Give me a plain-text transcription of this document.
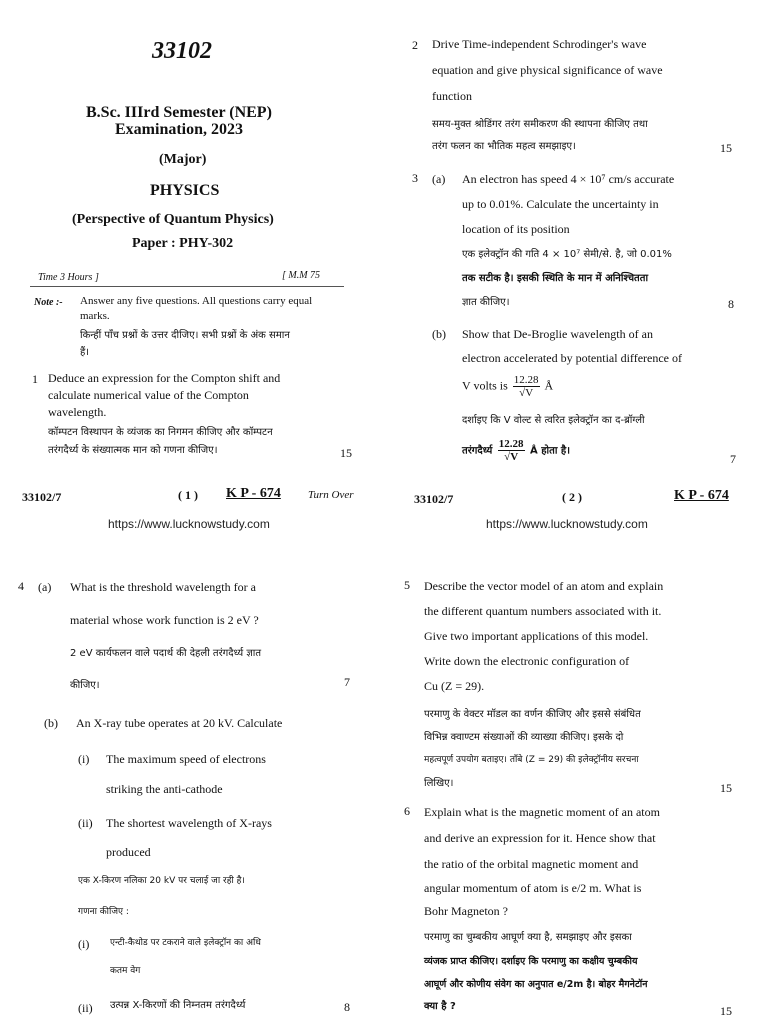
33102
B.Sc. IIIrd Semester (NEP)
Examination, 2023
(Major)
PHYSICS
(Perspective of Quantum Physics)
Paper : PHY-302
Time 3 Hours ]	[ M.M 75
Note :- Answer any five questions. All questions carry equal
marks.
किन्हीं पाँच प्रश्नों के उत्तर दीजिए। सभी प्रश्नों के अंक समान
हैं।
1 Deduce an expression for the Compton shift and
calculate numerical value of the Compton
wavelength.
कॉम्पटन विस्थापन के व्यंजक का निगमन कीजिए और कॉम्पटन
तरंगदैर्ध्य के संख्यात्मक मान को गणना कीजिए।	15
33102/7	( 1 ) K P - 674 Turn Over
https://www.lucknowstudy.com
2 Drive Time-independent Schrodinger's wave
equation and give physical significance of wave
function
समय-मुक्त श्रोडिंगर तरंग समीकरण की स्थापना कीजिए तथा
तरंग फलन का भौतिक महत्व समझाइए।	15
3 (a) An electron has speed 4 × 10⁷ cm/s accurate
up to 0.01%. Calculate the uncertainty in
location of its position
एक इलेक्ट्रॉन की गति 4 × 10⁷ सेमी/से. है, जो 0.01%
तक सटीक है। इसकी स्थिति के मान में अनिश्चितता
ज्ञात कीजिए।	8
(b) Show that De-Broglie wavelength of an
electron accelerated by potential difference of
V volts is $\frac{12.28}{√V}$ Å
दर्शाइए कि V वोल्ट से त्वरित इलेक्ट्रॉन का द-ब्रॉग्ली
तरंगदैर्ध्य $\frac{12.28}{√V}$ Å होता है।
7
33102/7	( 2 )	K P - 674
https://www.lucknowstudy.com
4 (a) What is the threshold wavelength for a
material whose work function is 2 eV ?
2 eV कार्यफलन वाले पदार्थ की देहली तरंगदैर्ध्य ज्ञात
कीजिए।	7
(b) An X-ray tube operates at 20 kV. Calculate
(i) The maximum speed of electrons
striking the anti-cathode
(ii) The shortest wavelength of X-rays
produced
एक X-किरण नलिका 20 kV पर चलाई जा रही है।
गणना कीजिए :
(i) एन्टी-कैथोड पर टकराने वाले इलेक्ट्रॉन का अधि
कतम वेग
(ii) उत्पन्न X-किरणों की निम्नतम तरंगदैर्ध्य	8
5 Describe the vector model of an atom and explain
the different quantum numbers associated with it.
Give two important applications of this model.
Write down the electronic configuration of
Cu (Z = 29).
परमाणु के वेक्टर मॉडल का वर्णन कीजिए और इससे संबंधित
विभिन्न क्वाण्टम संख्याओं की व्याख्या कीजिए। इसके दो
महत्वपूर्ण उपयोग बताइए। ताँबे (Z = 29) की इलेक्ट्रॉनीय सरचना
लिखिए।	15
6 Explain what is the magnetic moment of an atom
and derive an expression for it. Hence show that
the ratio of the orbital magnetic moment and
angular momentum of atom is e/2 m. What is
Bohr Magneton ?
परमाणु का चुम्बकीय आघूर्ण क्या है, समझाइए और इसका
व्यंजक प्राप्त कीजिए। दर्शाइए कि परमाणु का कक्षीय चुम्बकीय
आघूर्ण और कोणीय संवेग का अनुपात e/2m है। बोहर मैगनेटॉन
क्या है ?	15
